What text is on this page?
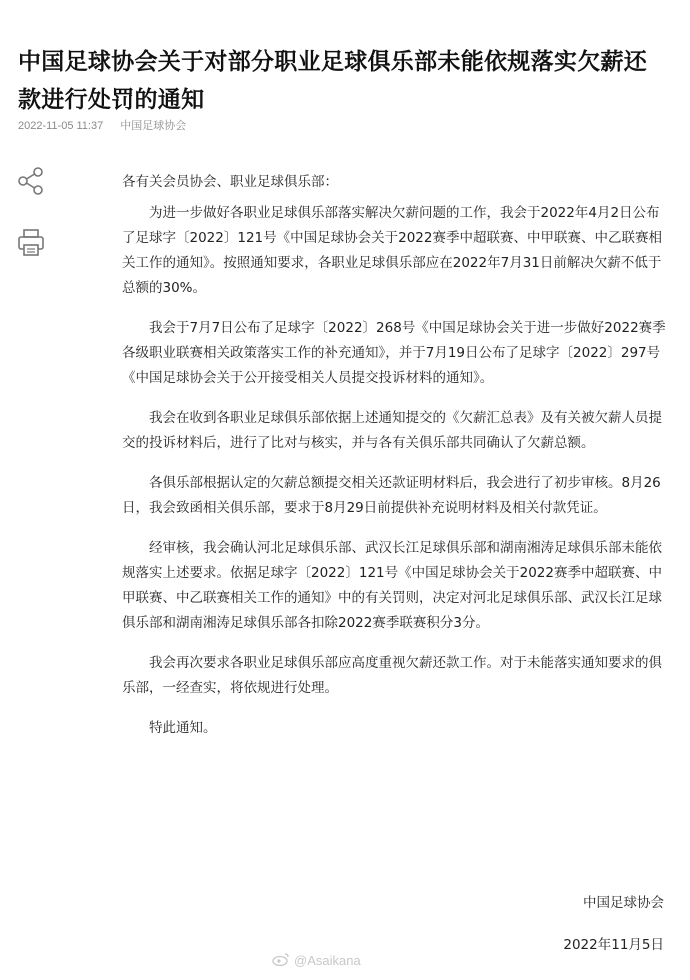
中国足球协会关于对部分职业足球俱乐部未能依规落实欠薪还款进行处罚的通知
2022-11-05 11:37 中国足球协会

各有关会员协会、职业足球俱乐部：

为进一步做好各职业足球俱乐部落实解决欠薪问题的工作，我会于2022年4月2日公布了足球字〔2022〕121号《中国足球协会关于2022赛季中超联赛、中甲联赛、中乙联赛相关工作的通知》。按照通知要求，各职业足球俱乐部应在2022年7月31日前解决欠薪不低于总额的30%。

我会于7月7日公布了足球字〔2022〕268号《中国足球协会关于进一步做好2022赛季各级职业联赛相关政策落实工作的补充通知》，并于7月19日公布了足球字〔2022〕297号《中国足球协会关于公开接受相关人员提交投诉材料的通知》。

我会在收到各职业足球俱乐部依据上述通知提交的《欠薪汇总表》及有关被欠薪人员提交的投诉材料后，进行了比对与核实，并与各有关俱乐部共同确认了欠薪总额。

各俱乐部根据认定的欠薪总额提交相关还款证明材料后，我会进行了初步审核。8月26日，我会致函相关俱乐部，要求于8月29日前提供补充说明材料及相关付款凭证。

经审核，我会确认河北足球俱乐部、武汉长江足球俱乐部和湖南湘涛足球俱乐部未能依规落实上述要求。依据足球字〔2022〕121号《中国足球协会关于2022赛季中超联赛、中甲联赛、中乙联赛相关工作的通知》中的有关罚则，决定对河北足球俱乐部、武汉长江足球俱乐部和湖南湘涛足球俱乐部各扣除2022赛季联赛积分3分。

我会再次要求各职业足球俱乐部应高度重视欠薪还款工作。对于未能落实通知要求的俱乐部，一经查实，将依规进行处理。

特此通知。

中国足球协会
2022年11月5日
@Asaikana
